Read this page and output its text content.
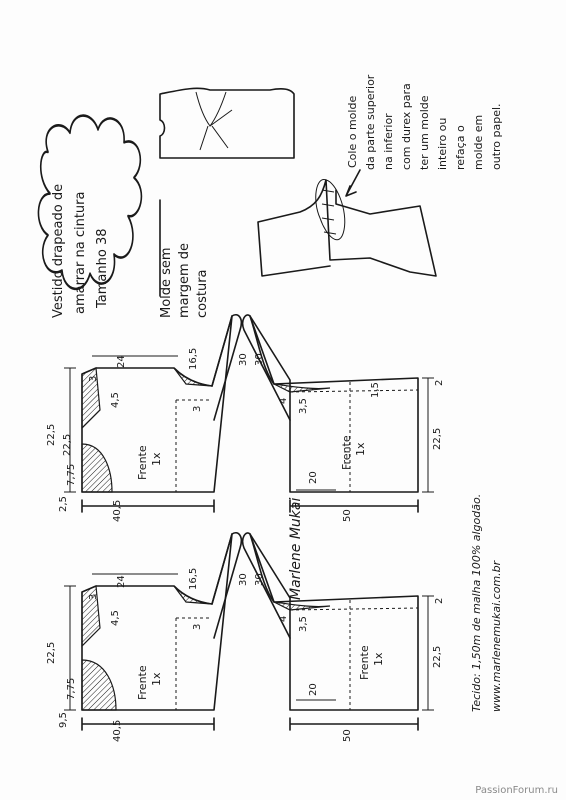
Vestido drapeado de amarrar na cintura Tamanho 38	Molde sem margem de costura
Cole o molde da parte superior na inferior com durex para ter um molde inteiro ou refaça o molde em outro papel.
Frente 1x	Frente 1x
24	16,5	30 30
3
4,5
3
4 3,5
1,5	2
22,5 22,5
7,75
2,5	40,5
20
50
22,5
Frente 1x	Frente 1x
24	16,5	30 30
3
4,5
3
4 3,5
2
22,5
7,75
9,5	40,5
20
50
22,5
Marlene Mukai	Tecido: 1,50m de malha 100% algodão. www.marlenemukai.com.br
PassionForum.ru
